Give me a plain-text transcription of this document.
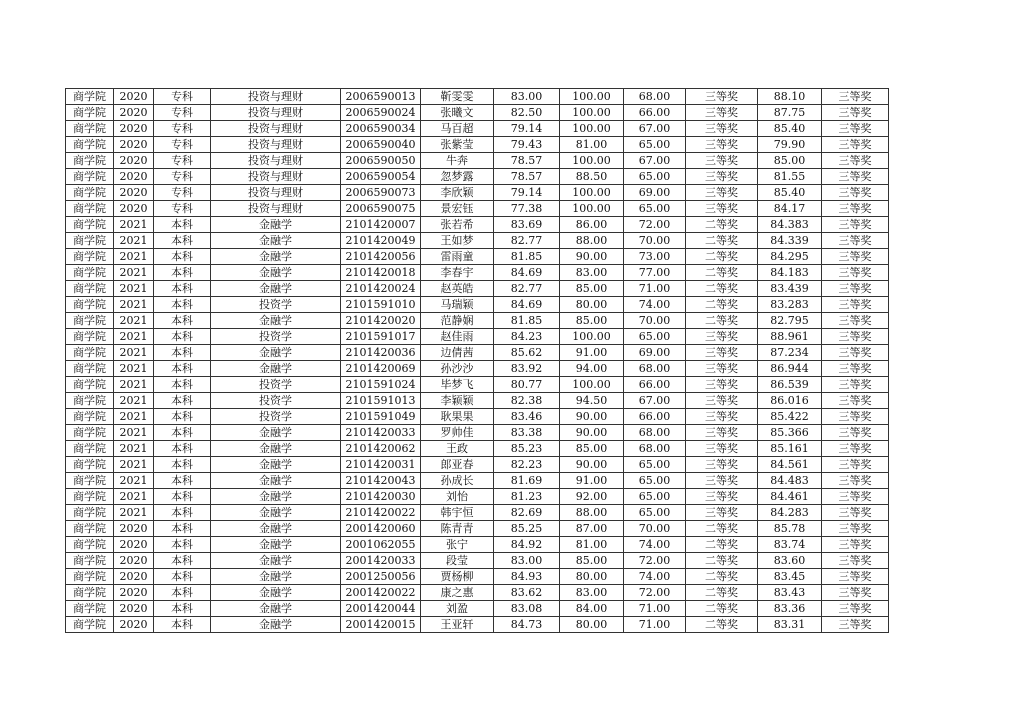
商学院	2020	专科	投资与理财	2006590013	靳雯雯	83.00	100.00	68.00	三等奖	88.10	三等奖
商学院	2020	专科	投资与理财	2006590024	张曦文	82.50	100.00	66.00	三等奖	87.75	三等奖
商学院	2020	专科	投资与理财	2006590034	马百超	79.14	100.00	67.00	三等奖	85.40	三等奖
商学院	2020	专科	投资与理财	2006590040	张紫莹	79.43	81.00	65.00	三等奖	79.90	三等奖
商学院	2020	专科	投资与理财	2006590050	牛奔	78.57	100.00	67.00	三等奖	85.00	三等奖
商学院	2020	专科	投资与理财	2006590054	忽梦露	78.57	88.50	65.00	三等奖	81.55	三等奖
商学院	2020	专科	投资与理财	2006590073	李欣颖	79.14	100.00	69.00	三等奖	85.40	三等奖
商学院	2020	专科	投资与理财	2006590075	景宏钰	77.38	100.00	65.00	三等奖	84.17	三等奖
商学院	2021	本科	金融学	2101420007	张若希	83.69	86.00	72.00	二等奖	84.383	三等奖
商学院	2021	本科	金融学	2101420049	王如梦	82.77	88.00	70.00	二等奖	84.339	三等奖
商学院	2021	本科	金融学	2101420056	雷雨童	81.85	90.00	73.00	二等奖	84.295	三等奖
商学院	2021	本科	金融学	2101420018	李春宇	84.69	83.00	77.00	二等奖	84.183	三等奖
商学院	2021	本科	金融学	2101420024	赵英皓	82.77	85.00	71.00	二等奖	83.439	三等奖
商学院	2021	本科	投资学	2101591010	马瑞颖	84.69	80.00	74.00	二等奖	83.283	三等奖
商学院	2021	本科	金融学	2101420020	范静娴	81.85	85.00	70.00	二等奖	82.795	三等奖
商学院	2021	本科	投资学	2101591017	赵佳雨	84.23	100.00	65.00	三等奖	88.961	三等奖
商学院	2021	本科	金融学	2101420036	边倩茜	85.62	91.00	69.00	三等奖	87.234	三等奖
商学院	2021	本科	金融学	2101420069	孙沙沙	83.92	94.00	68.00	三等奖	86.944	三等奖
商学院	2021	本科	投资学	2101591024	毕梦飞	80.77	100.00	66.00	三等奖	86.539	三等奖
商学院	2021	本科	投资学	2101591013	李颖颖	82.38	94.50	67.00	三等奖	86.016	三等奖
商学院	2021	本科	投资学	2101591049	耿果果	83.46	90.00	66.00	三等奖	85.422	三等奖
商学院	2021	本科	金融学	2101420033	罗帅佳	83.38	90.00	68.00	三等奖	85.366	三等奖
商学院	2021	本科	金融学	2101420062	王政	85.23	85.00	68.00	三等奖	85.161	三等奖
商学院	2021	本科	金融学	2101420031	郎亚春	82.23	90.00	65.00	三等奖	84.561	三等奖
商学院	2021	本科	金融学	2101420043	孙成长	81.69	91.00	65.00	三等奖	84.483	三等奖
商学院	2021	本科	金融学	2101420030	刘怡	81.23	92.00	65.00	三等奖	84.461	三等奖
商学院	2021	本科	金融学	2101420022	韩宇恒	82.69	88.00	65.00	三等奖	84.283	三等奖
商学院	2020	本科	金融学	2001420060	陈青青	85.25	87.00	70.00	二等奖	85.78	三等奖
商学院	2020	本科	金融学	2001062055	张宁	84.92	81.00	74.00	二等奖	83.74	三等奖
商学院	2020	本科	金融学	2001420033	段莹	83.00	85.00	72.00	二等奖	83.60	三等奖
商学院	2020	本科	金融学	2001250056	贾杨柳	84.93	80.00	74.00	二等奖	83.45	三等奖
商学院	2020	本科	金融学	2001420022	康之惠	83.62	83.00	72.00	二等奖	83.43	三等奖
商学院	2020	本科	金融学	2001420044	刘盈	83.08	84.00	71.00	二等奖	83.36	三等奖
商学院	2020	本科	金融学	2001420015	王亚轩	84.73	80.00	71.00	二等奖	83.31	三等奖
